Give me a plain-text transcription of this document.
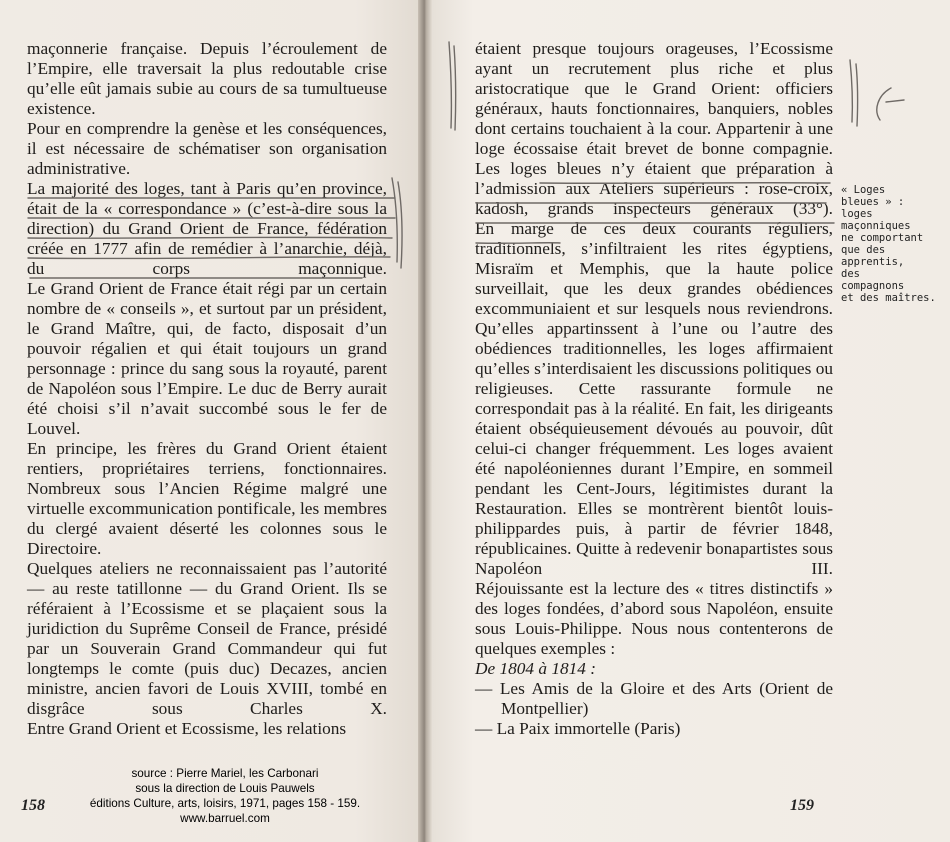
maçonnerie française. Depuis l’écroulement de l’Empire, elle traversait la plus redoutable crise qu’elle eût jamais subie au cours de sa tumultueuse existence.

Pour en comprendre la genèse et les conséquences, il est nécessaire de schématiser son organisation administrative.

La majorité des loges, tant à Paris qu’en province, était de la « correspondance » (c’est-à-dire sous la direction) du Grand Orient de France, fédération créée en 1777 afin de remédier à l’anarchie, déjà, du corps maçonnique.

Le Grand Orient de France était régi par un certain nombre de « conseils », et surtout par un président, le Grand Maître, qui, de facto, disposait d’un pouvoir régalien et qui était toujours un grand personnage : prince du sang sous la royauté, parent de Napoléon sous l’Empire. Le duc de Berry aurait été choisi s’il n’avait succombé sous le fer de Louvel.

En principe, les frères du Grand Orient étaient rentiers, propriétaires terriens, fonctionnaires. Nombreux sous l’Ancien Régime malgré une virtuelle excommunication pontificale, les membres du clergé avaient déserté les colonnes sous le Directoire.

Quelques ateliers ne reconnaissaient pas l’autorité — au reste tatillonne — du Grand Orient. Ils se référaient à l’Ecossisme et se plaçaient sous la juridiction du Suprême Conseil de France, présidé par un Souverain Grand Commandeur qui fut longtemps le comte (puis duc) Decazes, ancien ministre, ancien favori de Louis XVIII, tombé en disgrâce sous Charles X.

Entre Grand Orient et Ecossisme, les relations

158

étaient presque toujours orageuses, l’Ecossisme ayant un recrutement plus riche et plus aristocratique que le Grand Orient: officiers généraux, hauts fonctionnaires, banquiers, nobles dont certains touchaient à la cour. Appartenir à une loge écossaise était brevet de bonne compagnie. Les loges bleues n’y étaient que préparation à l’admission aux Ateliers supérieurs : rose-croix, kadosh, grands inspecteurs généraux (33°).

En marge de ces deux courants réguliers, traditionnels, s’infiltraient les rites égyptiens, Misraïm et Memphis, que la haute police surveillait, que les deux grandes obédiences excommuniaient et sur lesquels nous reviendrons.

Qu’elles appartinssent à l’une ou l’autre des obédiences traditionnelles, les loges affirmaient qu’elles s’interdisaient les discussions politiques ou religieuses. Cette rassurante formule ne correspondait pas à la réalité. En fait, les dirigeants étaient obséquieusement dévoués au pouvoir, dût celui-ci changer fréquemment. Les loges avaient été napoléoniennes durant l’Empire, en sommeil pendant les Cent-Jours, légitimistes durant la Restauration. Elles se montrèrent bientôt louis-philippardes puis, à partir de février 1848, républicaines. Quitte à redevenir bonapartistes sous Napoléon III.

Réjouissante est la lecture des « titres distinctifs » des loges fondées, d’abord sous Napoléon, ensuite sous Louis-Philippe. Nous nous contenterons de quelques exemples :

De 1804 à 1814 :

— Les Amis de la Gloire et des Arts (Orient de Montpellier)

— La Paix immortelle (Paris)

159
« Loges
bleues » :
loges
maçonniques
ne comportant
que des
apprentis,
des
compagnons
et des maîtres.
source : Pierre Mariel, les Carbonari
sous la direction de Louis Pauwels
éditions Culture, arts, loisirs, 1971, pages 158 - 159.
www.barruel.com
